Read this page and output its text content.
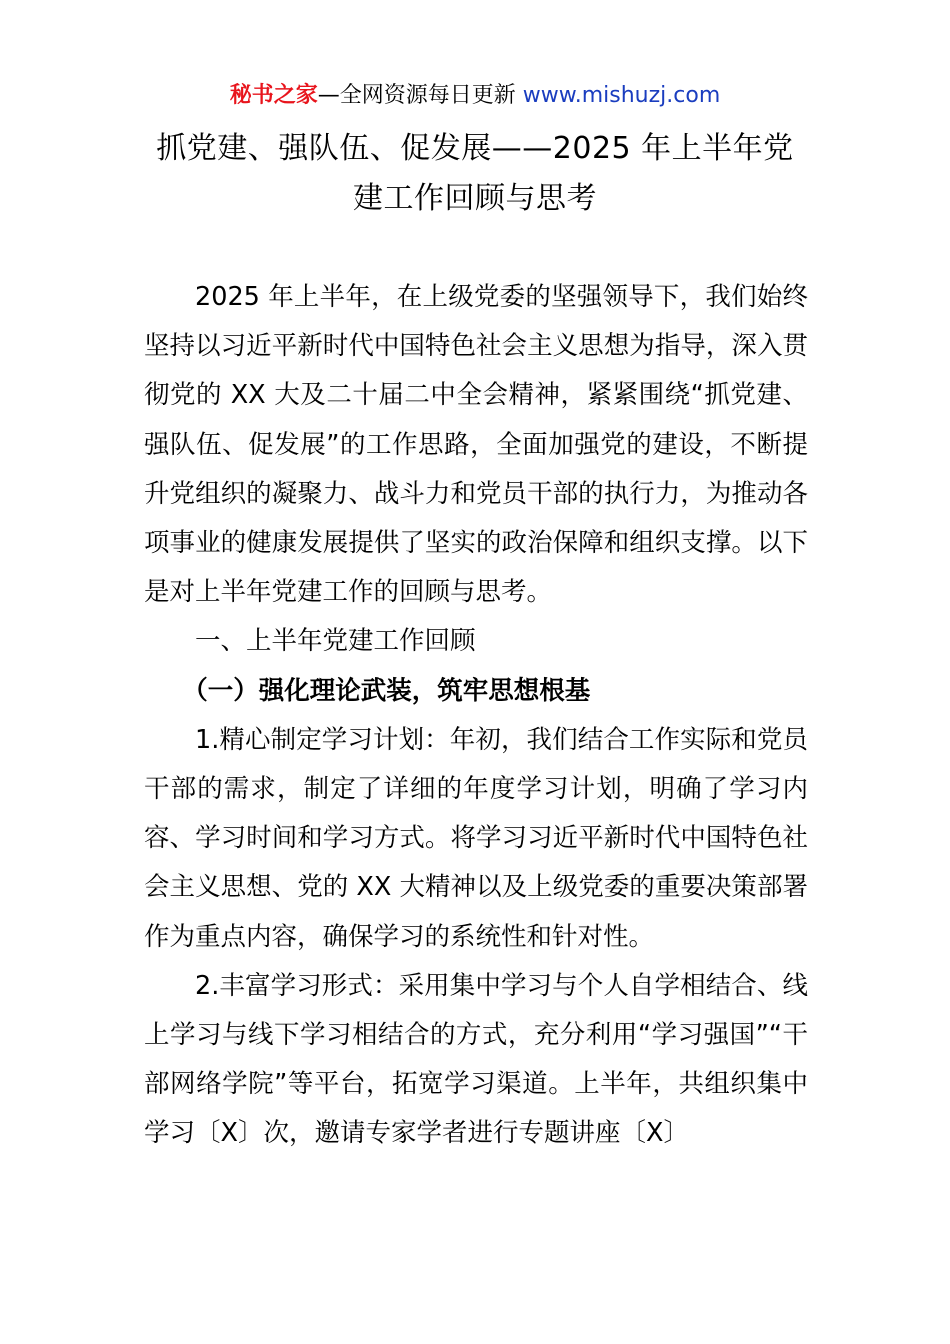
秘书之家—全网资源每日更新 www.mishuzj.com
抓党建、强队伍、促发展——2025 年上半年党
建工作回顾与思考

2025 年上半年，在上级党委的坚强领导下，我们始终坚持以习近平新时代中国特色社会主义思想为指导，深入贯彻党的 XX 大及二十届二中全会精神，紧紧围绕“抓党建、强队伍、促发展”的工作思路，全面加强党的建设，不断提升党组织的凝聚力、战斗力和党员干部的执行力，为推动各项事业的健康发展提供了坚实的政治保障和组织支撑。以下是对上半年党建工作的回顾与思考。

一、上半年党建工作回顾

（一）强化理论武装，筑牢思想根基

1.精心制定学习计划：年初，我们结合工作实际和党员干部的需求，制定了详细的年度学习计划，明确了学习内容、学习时间和学习方式。将学习习近平新时代中国特色社会主义思想、党的 XX 大精神以及上级党委的重要决策部署作为重点内容，确保学习的系统性和针对性。

2.丰富学习形式：采用集中学习与个人自学相结合、线上学习与线下学习相结合的方式，充分利用“学习强国”“干部网络学院”等平台，拓宽学习渠道。上半年，共组织集中学习〔X〕次，邀请专家学者进行专题讲座〔X〕
